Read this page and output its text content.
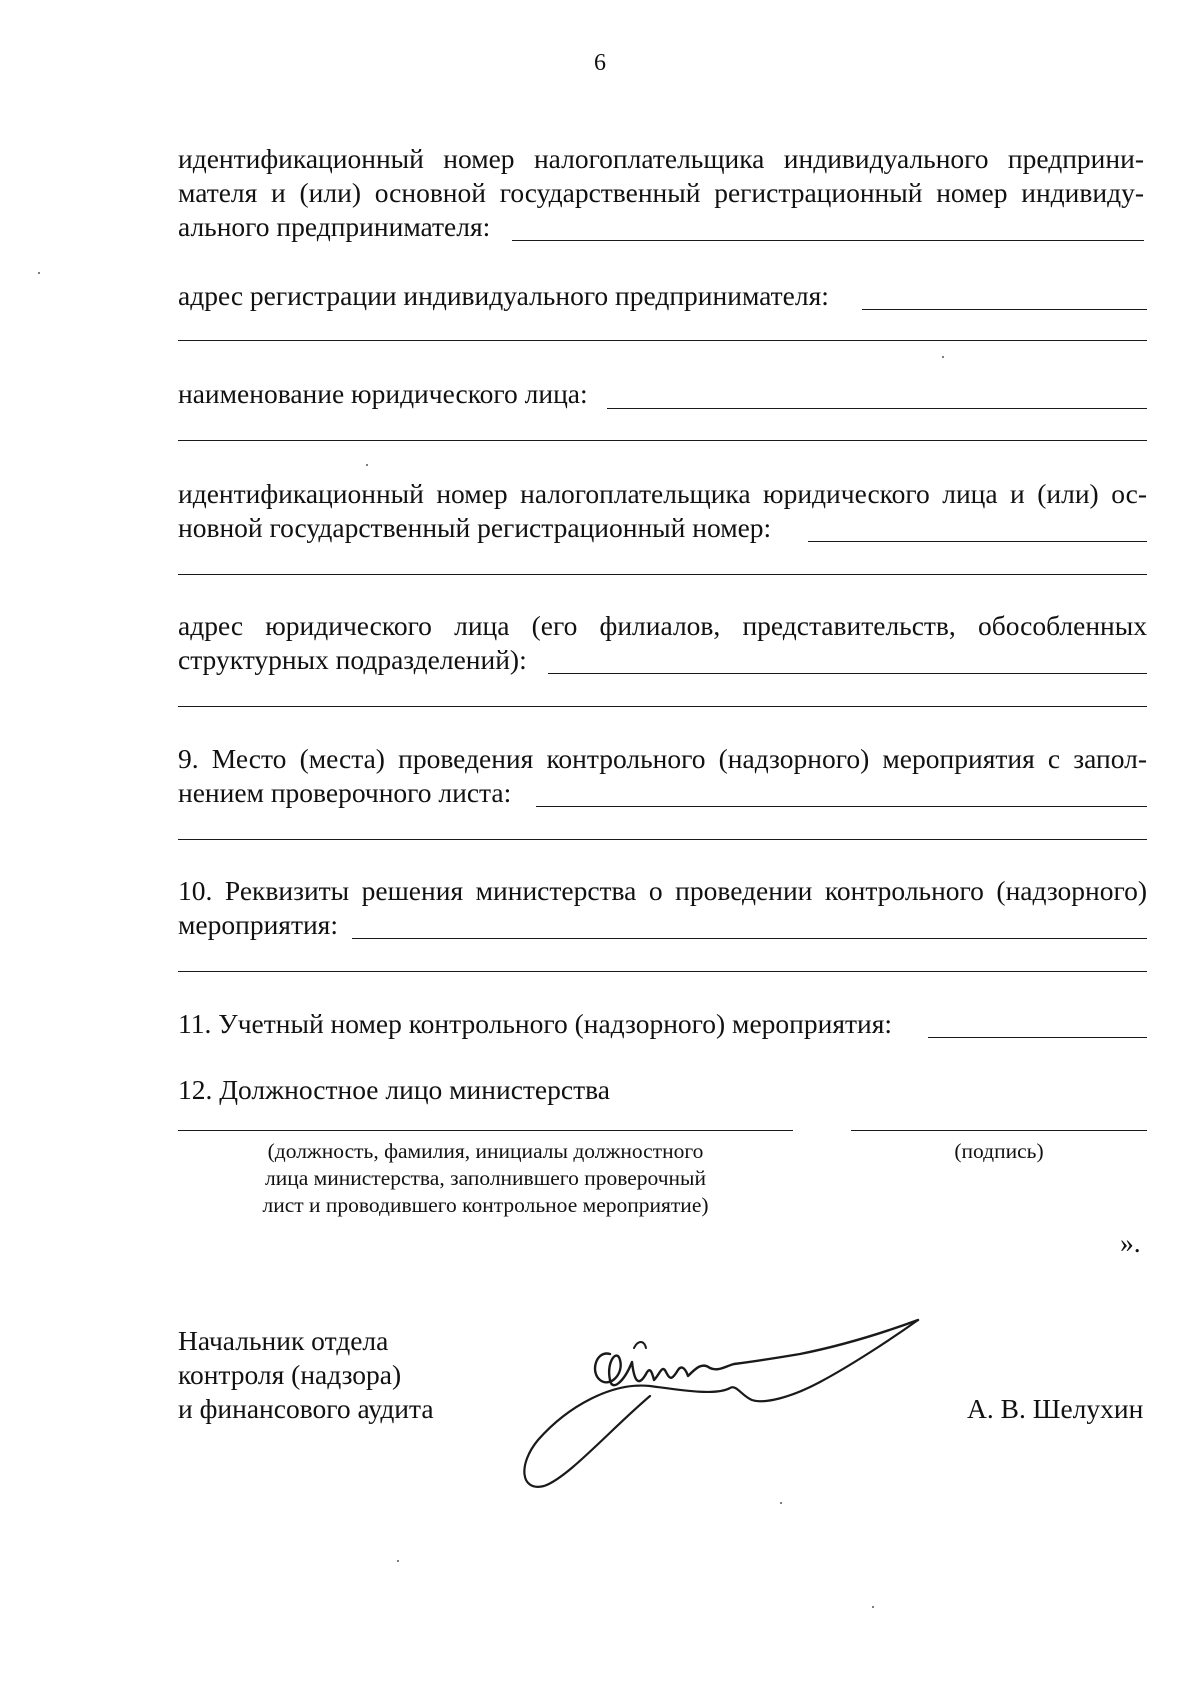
6
идентификационный номер налогоплательщика индивидуального предприни-
мателя и (или) основной государственный регистрационный номер индивиду-
ального предпринимателя:
адрес регистрации индивидуального предпринимателя:
наименование юридического лица:
идентификационный номер налогоплательщика юридического лица и (или) ос-
новной государственный регистрационный номер:
адрес юридического лица (его филиалов, представительств, обособленных
структурных подразделений):
9. Место (места) проведения контрольного (надзорного) мероприятия с запол-
нением проверочного листа:
10. Реквизиты решения министерства о проведении контрольного (надзорного)
мероприятия:
11. Учетный номер контрольного (надзорного) мероприятия:
12. Должностное лицо министерства
(должность, фамилия, инициалы должностного
лица министерства, заполнившего проверочный
лист и проводившего контрольное мероприятие)
(подпись)
».
Начальник отдела
контроля (надзора)
и финансового аудита	А. В. Шелухин
